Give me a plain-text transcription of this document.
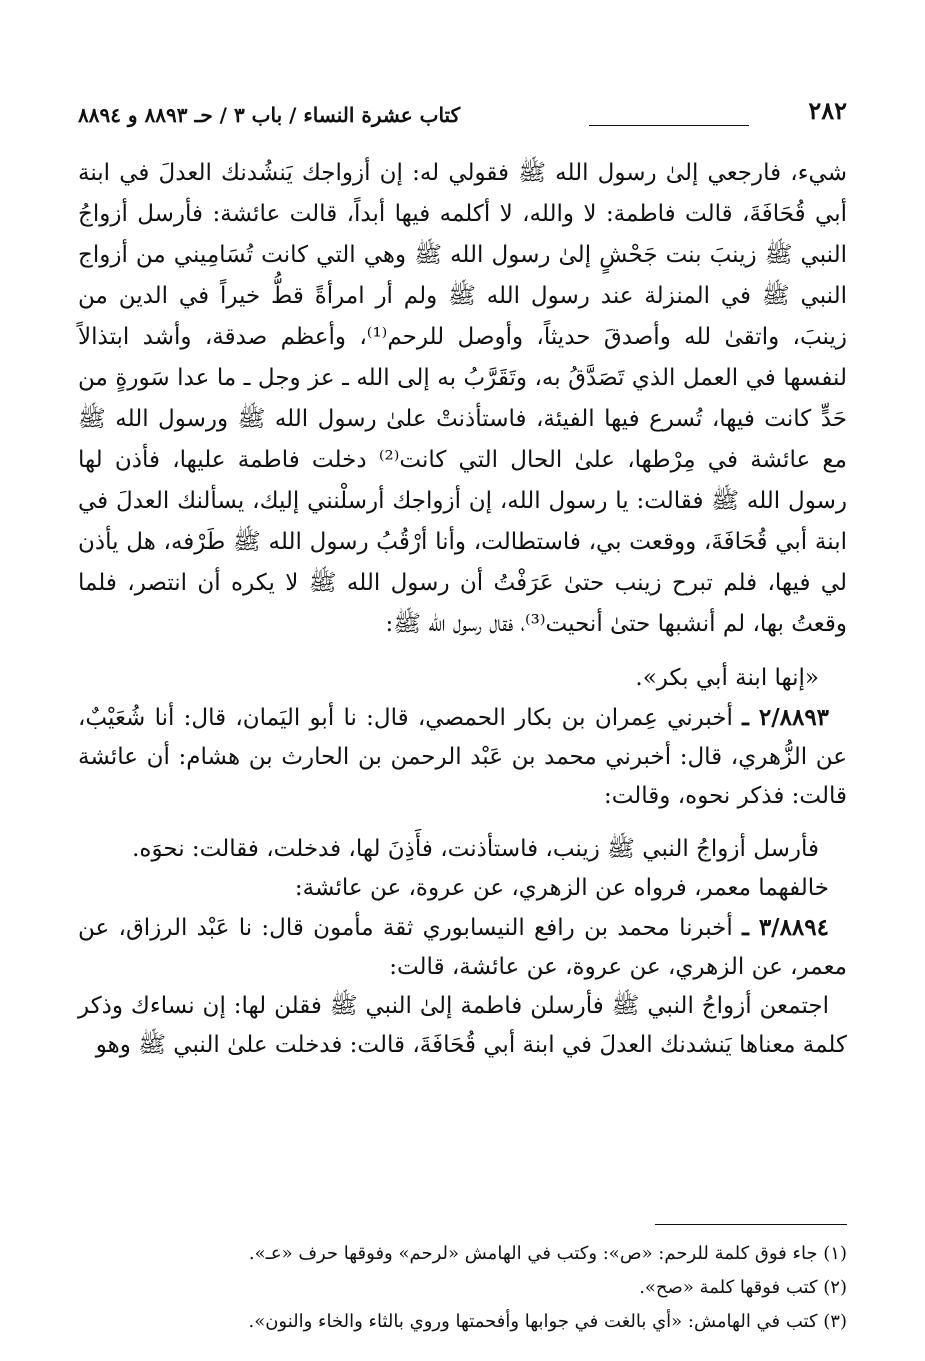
٢٨٢
كتاب عشرة النساء / باب ٣ / حـ ٨٨٩٣ و ٨٨٩٤

شيء، فارجعي إلىٰ رسول الله ﷺ فقولي له: إن أزواجك يَنشُدنك العدلَ في ابنة أبي قُحَافَةَ، قالت فاطمة: لا والله، لا أكلمه فيها أبداً، قالت عائشة: فأرسل أزواجُ النبي ﷺ زينبَ بنت جَحْشٍ إلىٰ رسول الله ﷺ وهي التي كانت تُسَامِيني من أزواج النبي ﷺ في المنزلة عند رسول الله ﷺ ولم أر امرأةً قطُّ خيراً في الدين من زينبَ، واتقىٰ لله وأصدقَ حديثاً، وأوصل للرحم⁽¹⁾، وأعظم صدقة، وأشد ابتذالاً لنفسها في العمل الذي تَصَدَّقُ به، وتَقَرَّبُ به إلى الله ـ عز وجل ـ ما عدا سَورةٍ من حَدٍّ كانت فيها، تُسرع فيها الفيئة، فاستأذنتْ علىٰ رسول الله ﷺ ورسول الله ﷺ مع عائشة في مِرْطها، علىٰ الحال التي كانت⁽²⁾ دخلت فاطمة عليها، فأذن لها رسول الله ﷺ فقالت: يا رسول الله، إن أزواجك أرسلْنني إليك، يسألنك العدلَ في ابنة أبي قُحَافَةَ، ووقعت بي، فاستطالت، وأنا أرْقُبُ رسول الله ﷺ طَرْفه، هل يأذن لي فيها، فلم تبرح زينب حتىٰ عَرَفْتُ أن رسول الله ﷺ لا يكره أن انتصر، فلما وقعتُ بها، لم أنشبها حتىٰ أنحيت⁽³⁾، فقال رسول الله ﷺ:

«إنها ابنة أبي بكر».

٢/٨٨٩٣ ـ أخبرني عِمران بن بكار الحمصي، قال: نا أبو اليَمان، قال: أنا شُعَيْبٌ، عن الزُّهري، قال: أخبرني محمد بن عَبْد الرحمن بن الحارث بن هشام: أن عائشة قالت: فذكر نحوه، وقالت:

فأرسل أزواجُ النبي ﷺ زينب، فاستأذنت، فأَذِنَ لها، فدخلت، فقالت: نحوَه.

خالفهما معمر، فرواه عن الزهري، عن عروة، عن عائشة:

٣/٨٨٩٤ ـ أخبرنا محمد بن رافع النيسابوري ثقة مأمون قال: نا عَبْد الرزاق، عن معمر، عن الزهري، عن عروة، عن عائشة، قالت:

اجتمعن أزواجُ النبي ﷺ فأرسلن فاطمة إلىٰ النبي ﷺ فقلن لها: إن نساءك وذكر كلمة معناها يَنشدنك العدلَ في ابنة أبي قُحَافَةَ، قالت: فدخلت علىٰ النبي ﷺ وهو

(١) جاء فوق كلمة للرحم: «ص»: وكتب في الهامش «لرحم» وفوقها حرف «عـ».

(٢) كتب فوقها كلمة «صح».

(٣) كتب في الهامش: «أي بالغت في جوابها وأفحمتها وروي بالثاء والخاء والنون».
